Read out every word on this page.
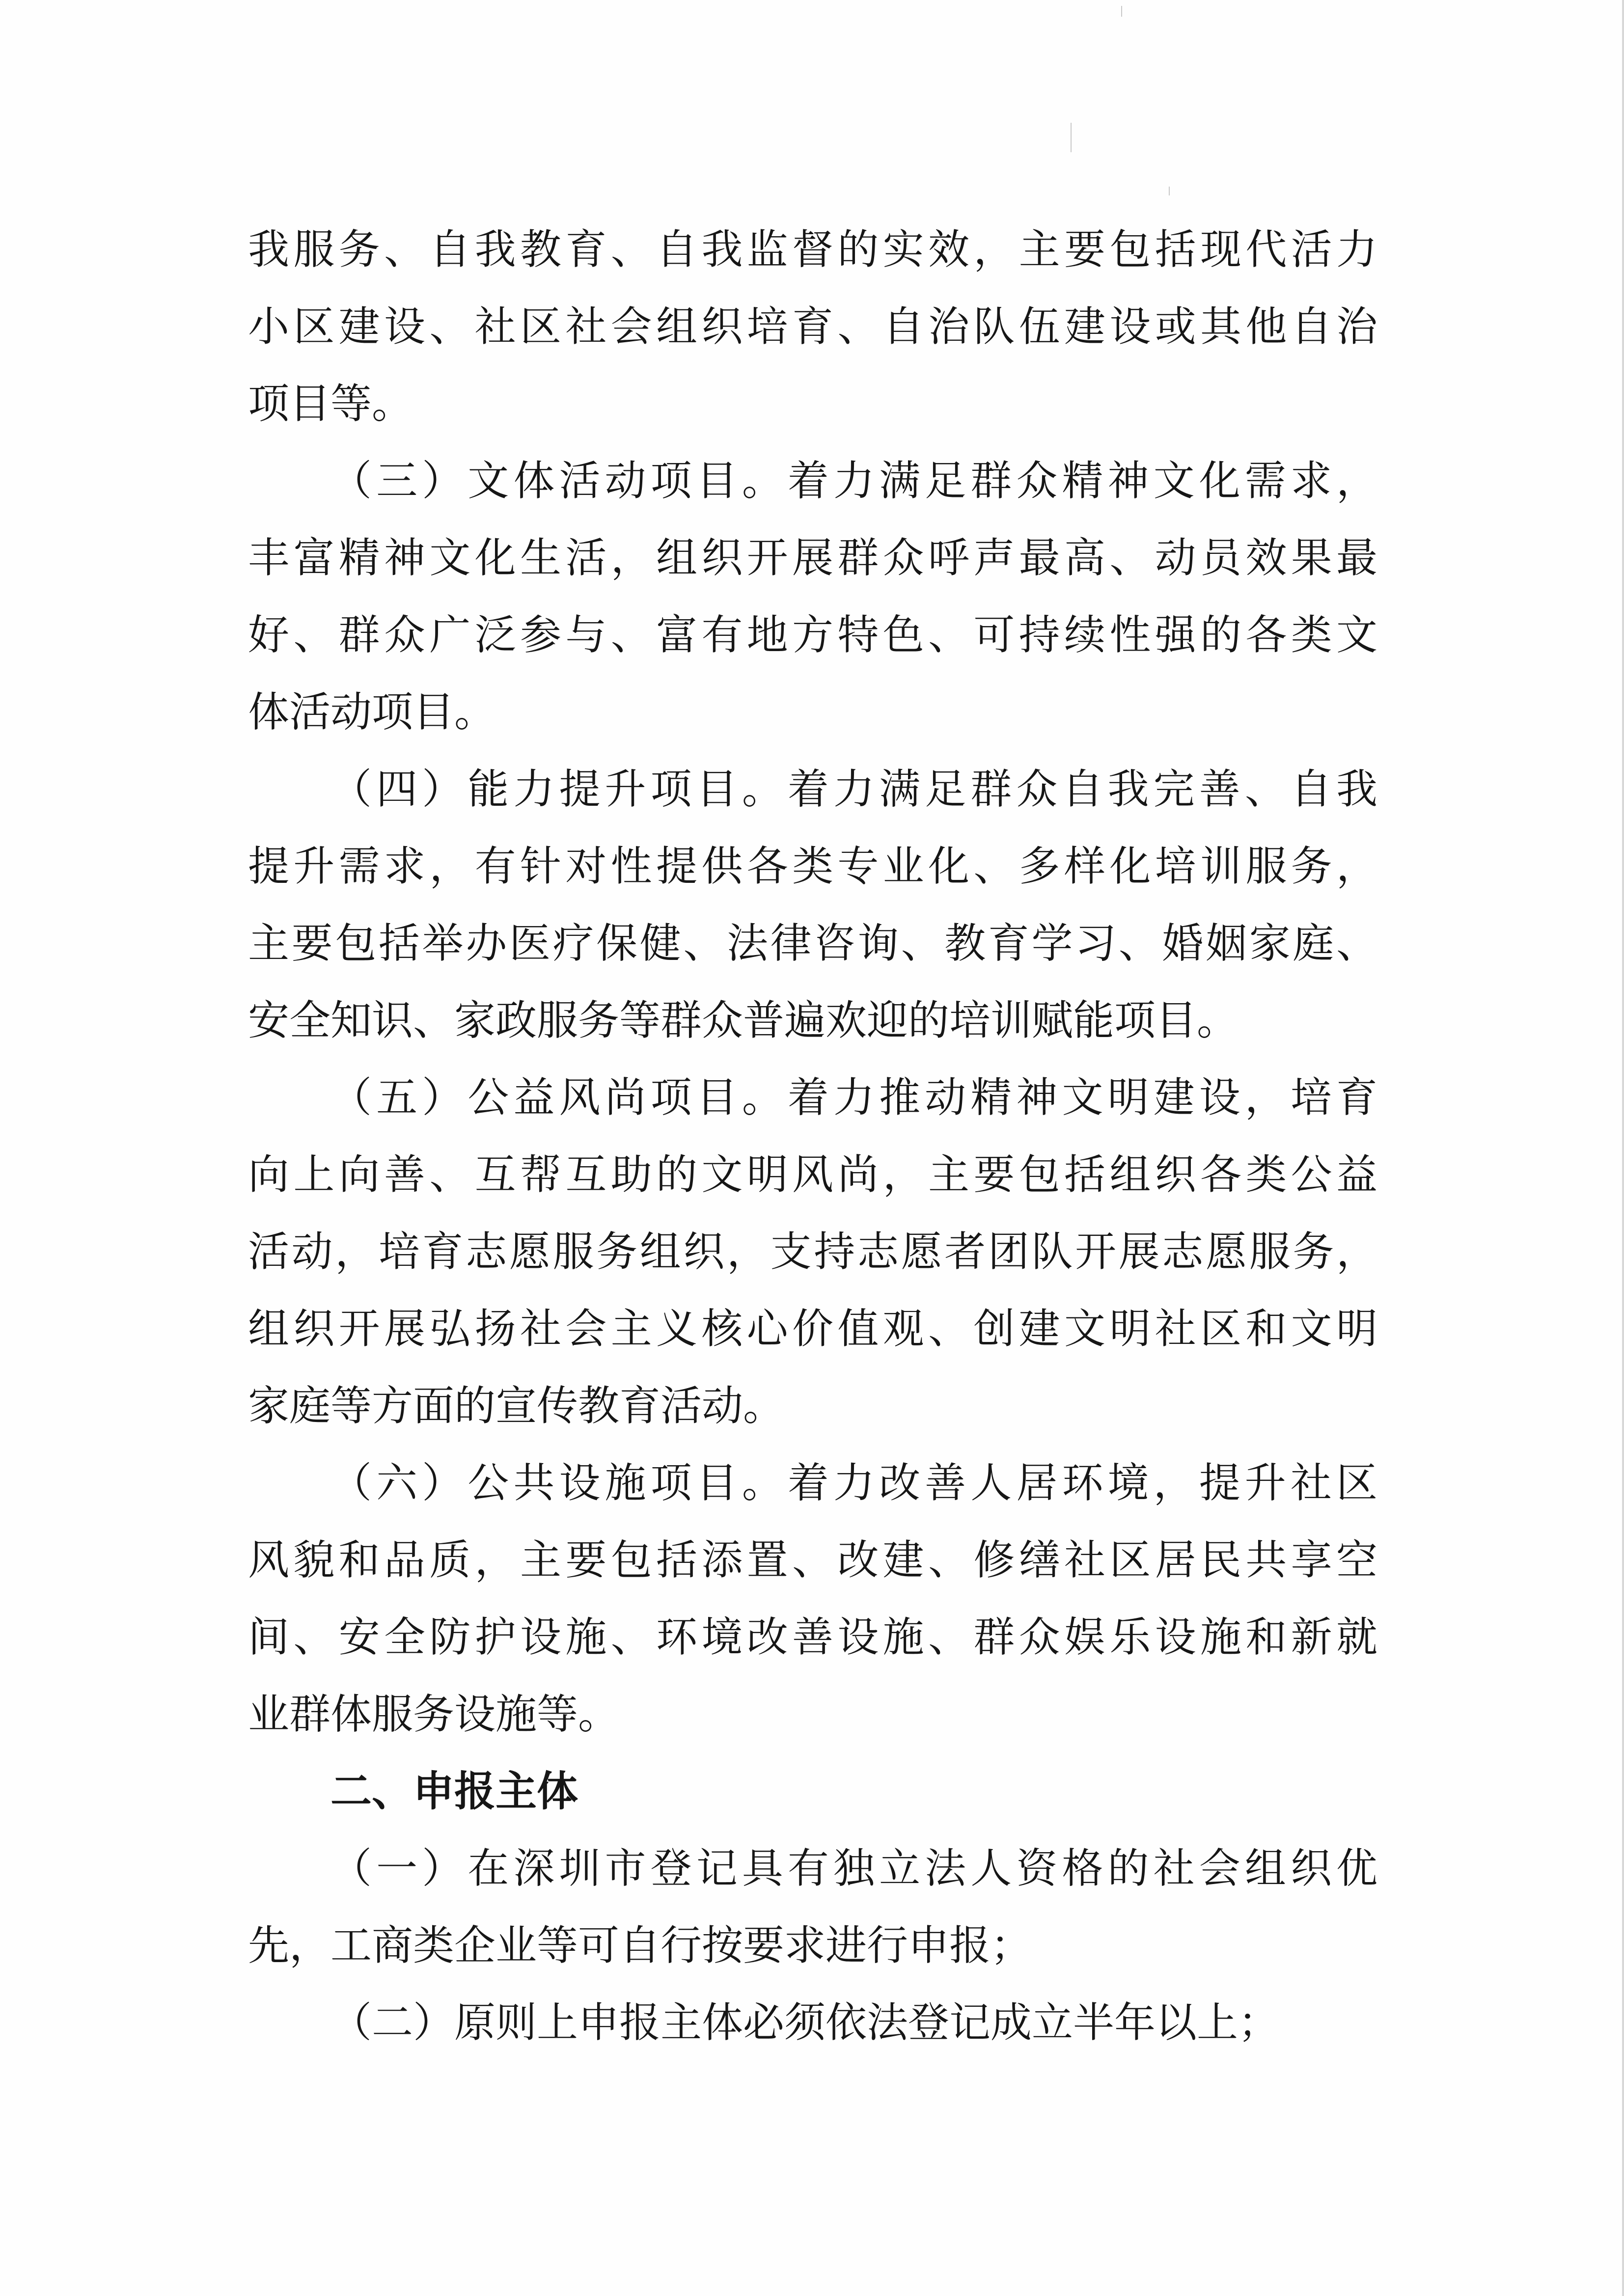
我服务、自我教育、自我监督的实效，主要包括现代活力
小区建设、社区社会组织培育、自治队伍建设或其他自治
项目等。
（三）文体活动项目。着力满足群众精神文化需求，
丰富精神文化生活，组织开展群众呼声最高、动员效果最
好、群众广泛参与、富有地方特色、可持续性强的各类文
体活动项目。
（四）能力提升项目。着力满足群众自我完善、自我
提升需求，有针对性提供各类专业化、多样化培训服务，
主要包括举办医疗保健、法律咨询、教育学习、婚姻家庭、
安全知识、家政服务等群众普遍欢迎的培训赋能项目。
（五）公益风尚项目。着力推动精神文明建设，培育
向上向善、互帮互助的文明风尚，主要包括组织各类公益
活动，培育志愿服务组织，支持志愿者团队开展志愿服务，
组织开展弘扬社会主义核心价值观、创建文明社区和文明
家庭等方面的宣传教育活动。
（六）公共设施项目。着力改善人居环境，提升社区
风貌和品质，主要包括添置、改建、修缮社区居民共享空
间、安全防护设施、环境改善设施、群众娱乐设施和新就
业群体服务设施等。
二、申报主体
（一）在深圳市登记具有独立法人资格的社会组织优
先，工商类企业等可自行按要求进行申报；
（二）原则上申报主体必须依法登记成立半年以上；
